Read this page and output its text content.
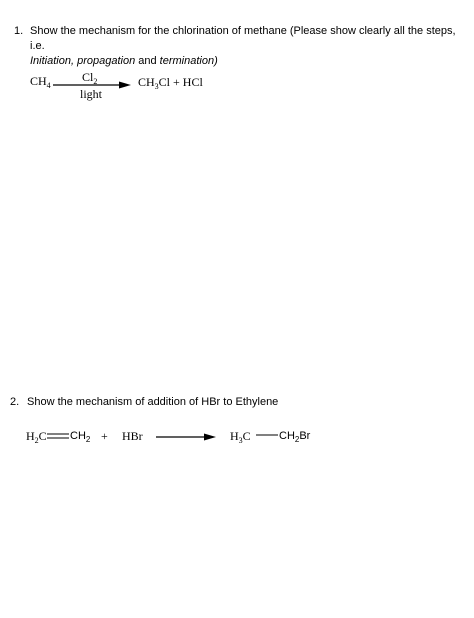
1. Show the mechanism for the chlorination of methane (Please show clearly all the steps, i.e.
Initiation, propagation and termination)
$CH_4$
$Cl_2$
light
$CH_3Cl$ + HCl
2. Show the mechanism of addition of HBr to Ethylene
$H_2C$ $CH_2$ + HBr	$H_3C$	$CH_2Br$
